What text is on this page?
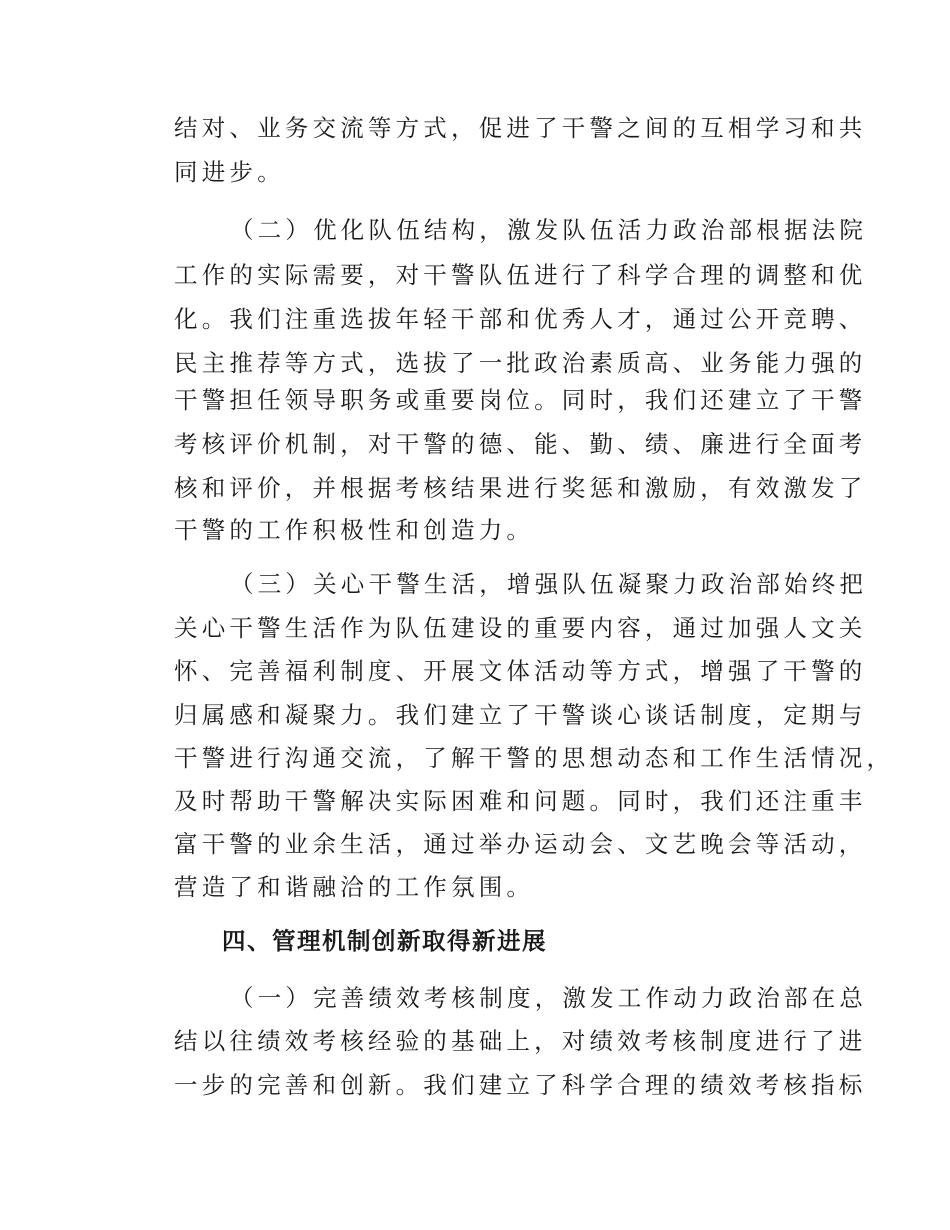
结对、业务交流等方式，促进了干警之间的互相学习和共
同进步。
（二）优化队伍结构，激发队伍活力政治部根据法院
工作的实际需要，对干警队伍进行了科学合理的调整和优
化。我们注重选拔年轻干部和优秀人才，通过公开竞聘、
民主推荐等方式，选拔了一批政治素质高、业务能力强的
干警担任领导职务或重要岗位。同时，我们还建立了干警
考核评价机制，对干警的德、能、勤、绩、廉进行全面考
核和评价，并根据考核结果进行奖惩和激励，有效激发了
干警的工作积极性和创造力。
（三）关心干警生活，增强队伍凝聚力政治部始终把
关心干警生活作为队伍建设的重要内容，通过加强人文关
怀、完善福利制度、开展文体活动等方式，增强了干警的
归属感和凝聚力。我们建立了干警谈心谈话制度，定期与
干警进行沟通交流，了解干警的思想动态和工作生活情况，
及时帮助干警解决实际困难和问题。同时，我们还注重丰
富干警的业余生活，通过举办运动会、文艺晚会等活动，
营造了和谐融洽的工作氛围。
四、管理机制创新取得新进展
（一）完善绩效考核制度，激发工作动力政治部在总
结以往绩效考核经验的基础上，对绩效考核制度进行了进
一步的完善和创新。我们建立了科学合理的绩效考核指标
